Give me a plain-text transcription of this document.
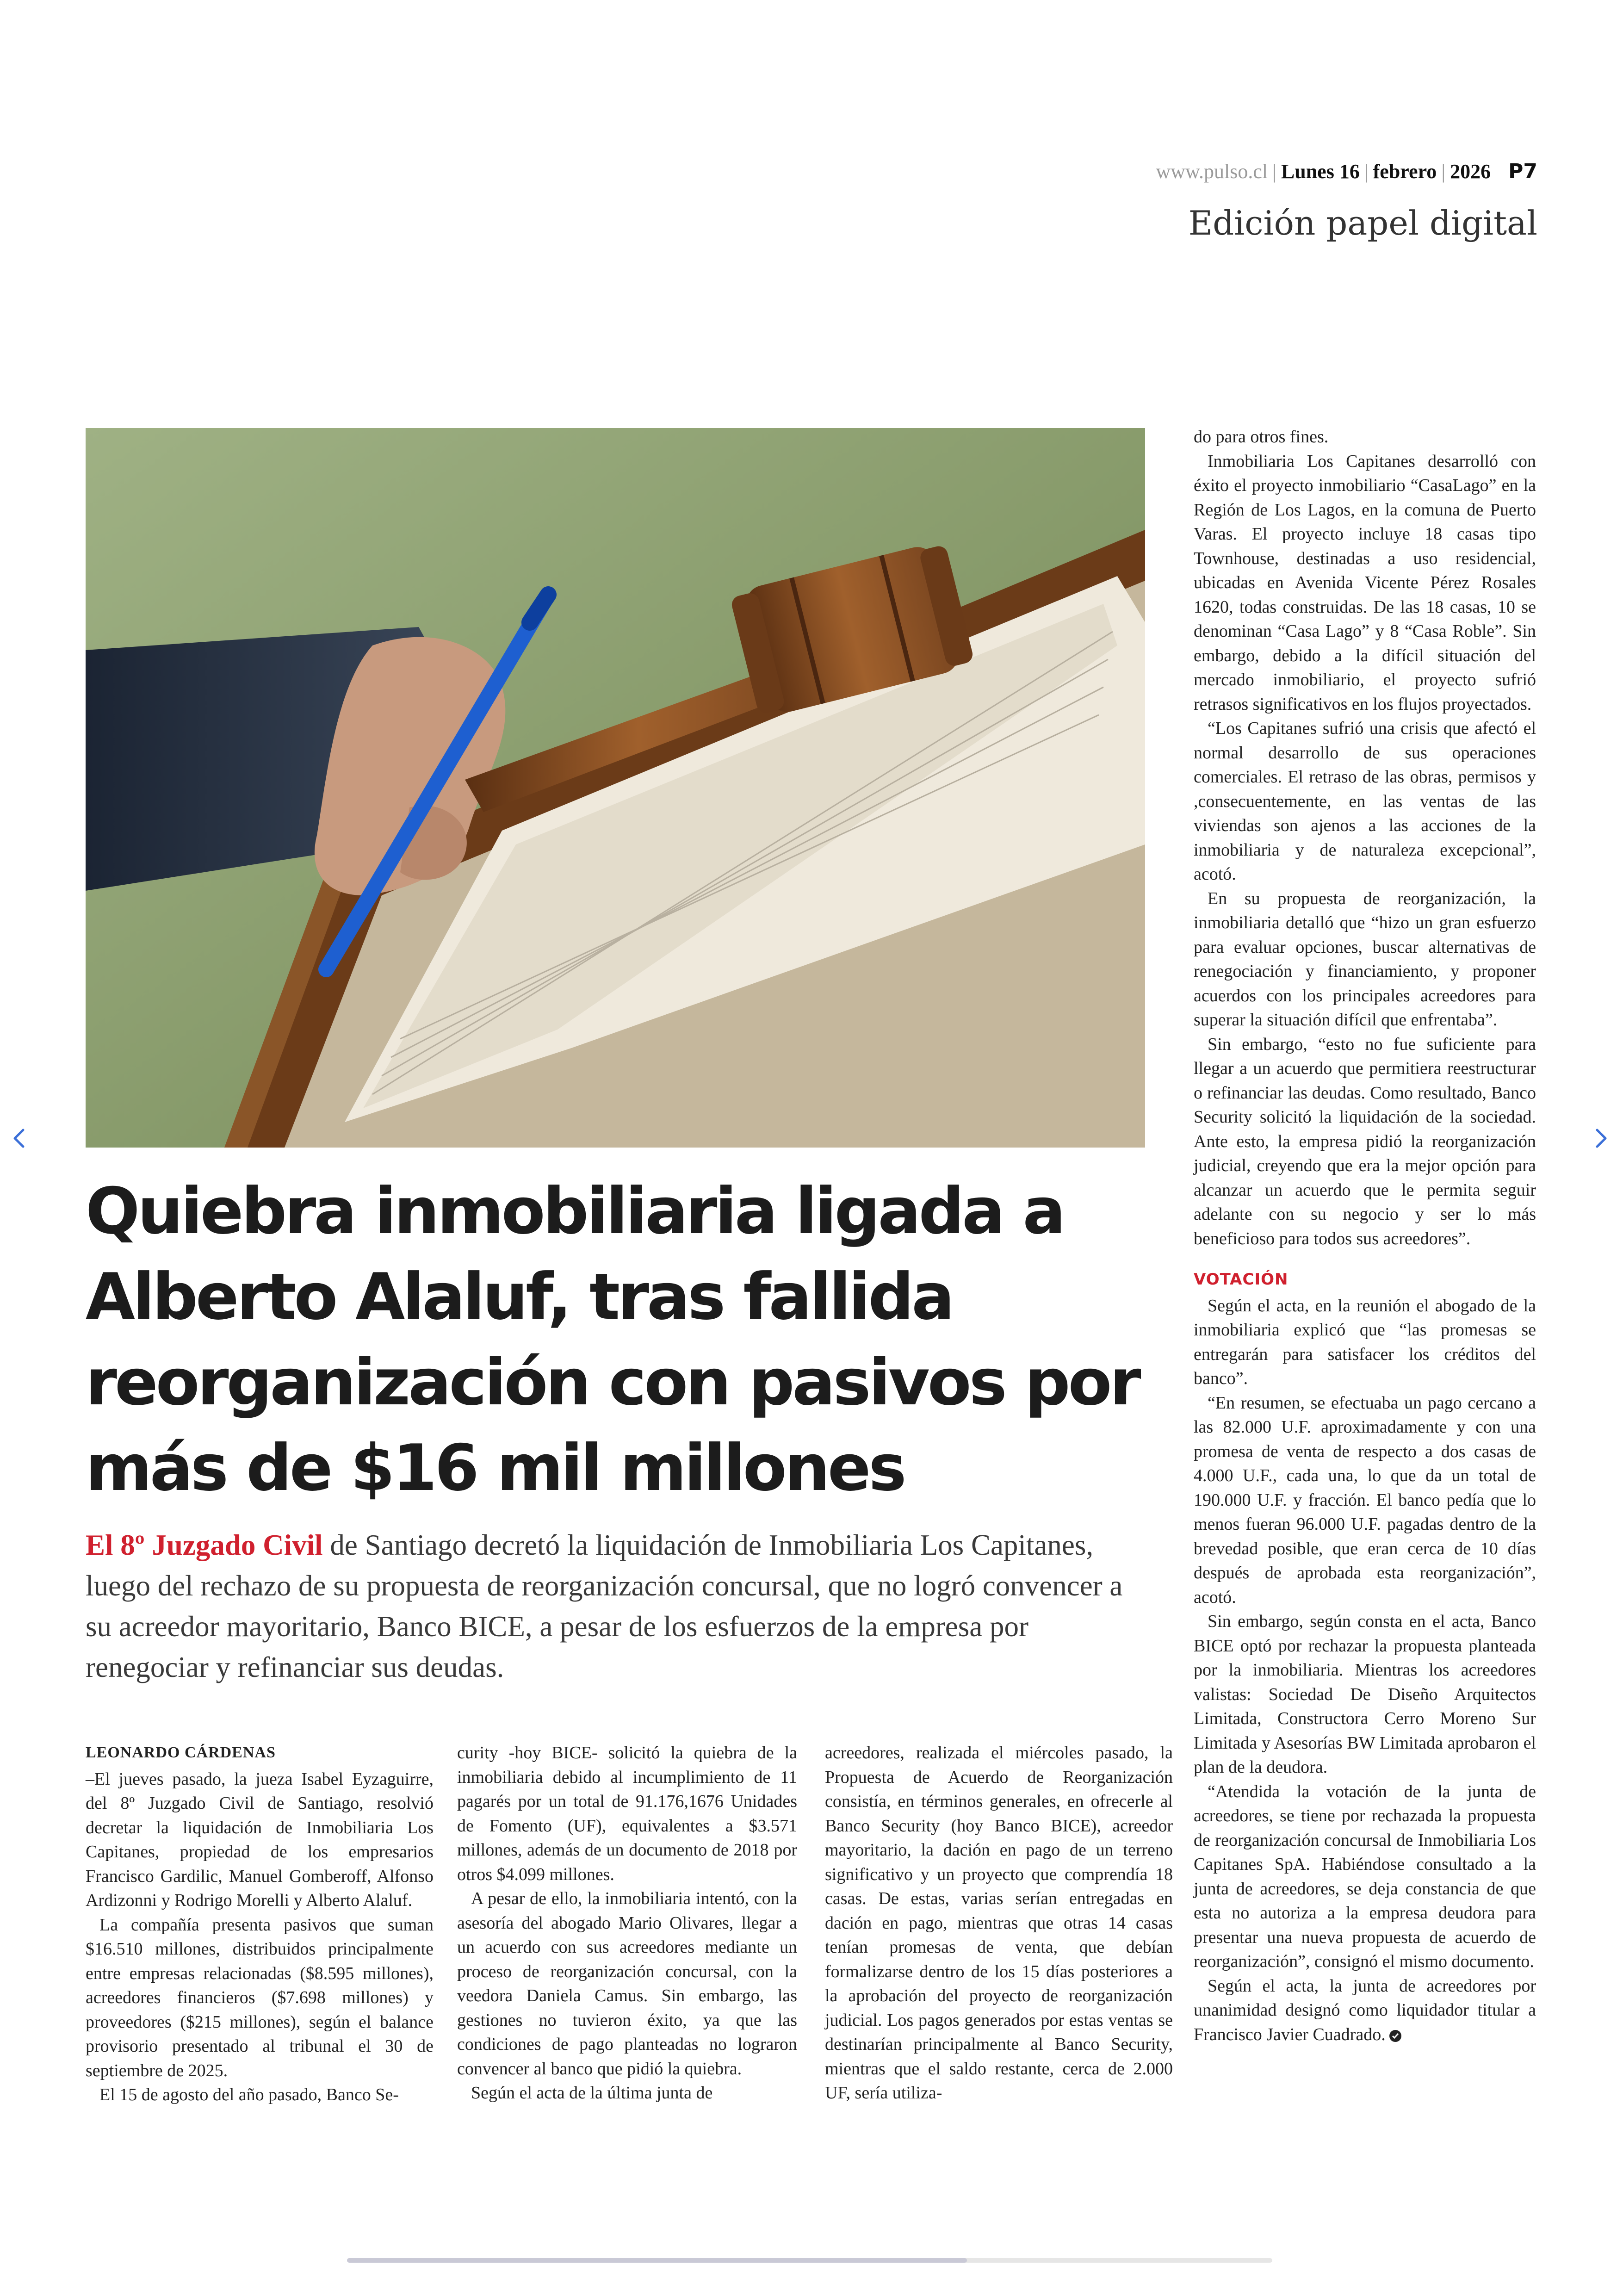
www.pulso.cl | Lunes 16 | febrero | 2026 P7
Edición papel digital
Quiebra inmobiliaria ligada a Alberto Alaluf, tras fallida reorganización con pasivos por más de $16 mil millones

El 8º Juzgado Civil de Santiago decretó la liquidación de Inmobiliaria Los Capitanes, luego del rechazo de su propuesta de reorganización concursal, que no logró convencer a su acreedor mayoritario, Banco BICE, a pesar de los esfuerzos de la empresa por renegociar y refinanciar sus deudas.

LEONARDO CÁRDENAS

–El jueves pasado, la jueza Isabel Eyzaguirre, del 8º Juzgado Civil de Santiago, resolvió decretar la liquidación de Inmobiliaria Los Capitanes, propiedad de los empresarios Francisco Gardilic, Manuel Gomberoff, Alfonso Ardizonni y Rodrigo Morelli y Alberto Alaluf.

La compañía presenta pasivos que suman $16.510 millones, distribuidos principalmente entre empresas relacionadas ($8.595 millones), acreedores financieros ($7.698 millones) y proveedores ($215 millones), según el balance provisorio presentado al tribunal el 30 de septiembre de 2025.

El 15 de agosto del año pasado, Banco Se-

curity -hoy BICE- solicitó la quiebra de la inmobiliaria debido al incumplimiento de 11 pagarés por un total de 91.176,1676 Unidades de Fomento (UF), equivalentes a $3.571 millones, además de un documento de 2018 por otros $4.099 millones.

A pesar de ello, la inmobiliaria intentó, con la asesoría del abogado Mario Olivares, llegar a un acuerdo con sus acreedores mediante un proceso de reorganización concursal, con la veedora Daniela Camus. Sin embargo, las gestiones no tuvieron éxito, ya que las condiciones de pago planteadas no lograron convencer al banco que pidió la quiebra.

Según el acta de la última junta de

acreedores, realizada el miércoles pasado, la Propuesta de Acuerdo de Reorganización consistía, en términos generales, en ofrecerle al Banco Security (hoy Banco BICE), acreedor mayoritario, la dación en pago de un terreno significativo y un proyecto que comprendía 18 casas. De estas, varias serían entregadas en dación en pago, mientras que otras 14 casas tenían promesas de venta, que debían formalizarse dentro de los 15 días posteriores a la aprobación del proyecto de reorganización judicial. Los pagos generados por estas ventas se destinarían principalmente al Banco Security, mientras que el saldo restante, cerca de 2.000 UF, sería utiliza-

do para otros fines.

Inmobiliaria Los Capitanes desarrolló con éxito el proyecto inmobiliario “CasaLago” en la Región de Los Lagos, en la comuna de Puerto Varas. El proyecto incluye 18 casas tipo Townhouse, destinadas a uso residencial, ubicadas en Avenida Vicente Pérez Rosales 1620, todas construidas. De las 18 casas, 10 se denominan “Casa Lago” y 8 “Casa Roble”. Sin embargo, debido a la difícil situación del mercado inmobiliario, el proyecto sufrió retrasos significativos en los flujos proyectados.

“Los Capitanes sufrió una crisis que afectó el normal desarrollo de sus operaciones comerciales. El retraso de las obras, permisos y ,consecuentemente, en las ventas de las viviendas son ajenos a las acciones de la inmobiliaria y de naturaleza excepcional”, acotó.

En su propuesta de reorganización, la inmobiliaria detalló que “hizo un gran esfuerzo para evaluar opciones, buscar alternativas de renegociación y financiamiento, y proponer acuerdos con los principales acreedores para superar la situación difícil que enfrentaba”.

Sin embargo, “esto no fue suficiente para llegar a un acuerdo que permitiera reestructurar o refinanciar las deudas. Como resultado, Banco Security solicitó la liquidación de la sociedad. Ante esto, la empresa pidió la reorganización judicial, creyendo que era la mejor opción para alcanzar un acuerdo que le permita seguir adelante con su negocio y ser lo más beneficioso para todos sus acreedores”.

VOTACIÓN

Según el acta, en la reunión el abogado de la inmobiliaria explicó que “las promesas se entregarán para satisfacer los créditos del banco”.

“En resumen, se efectuaba un pago cercano a las 82.000 U.F. aproximadamente y con una promesa de venta de respecto a dos casas de 4.000 U.F., cada una, lo que da un total de 190.000 U.F. y fracción. El banco pedía que lo menos fueran 96.000 U.F. pagadas dentro de la brevedad posible, que eran cerca de 10 días después de aprobada esta reorganización”, acotó.

Sin embargo, según consta en el acta, Banco BICE optó por rechazar la propuesta planteada por la inmobiliaria. Mientras los acreedores valistas: Sociedad De Diseño Arquitectos Limitada, Constructora Cerro Moreno Sur Limitada y Asesorías BW Limitada aprobaron el plan de la deudora.

“Atendida la votación de la junta de acreedores, se tiene por rechazada la propuesta de reorganización concursal de Inmobiliaria Los Capitanes SpA. Habiéndose consultado a la junta de acreedores, se deja constancia de que esta no autoriza a la empresa deudora para presentar una nueva propuesta de acuerdo de reorganización”, consignó el mismo documento.

Según el acta, la junta de acreedores por unanimidad designó como liquidador titular a Francisco Javier Cuadrado.
